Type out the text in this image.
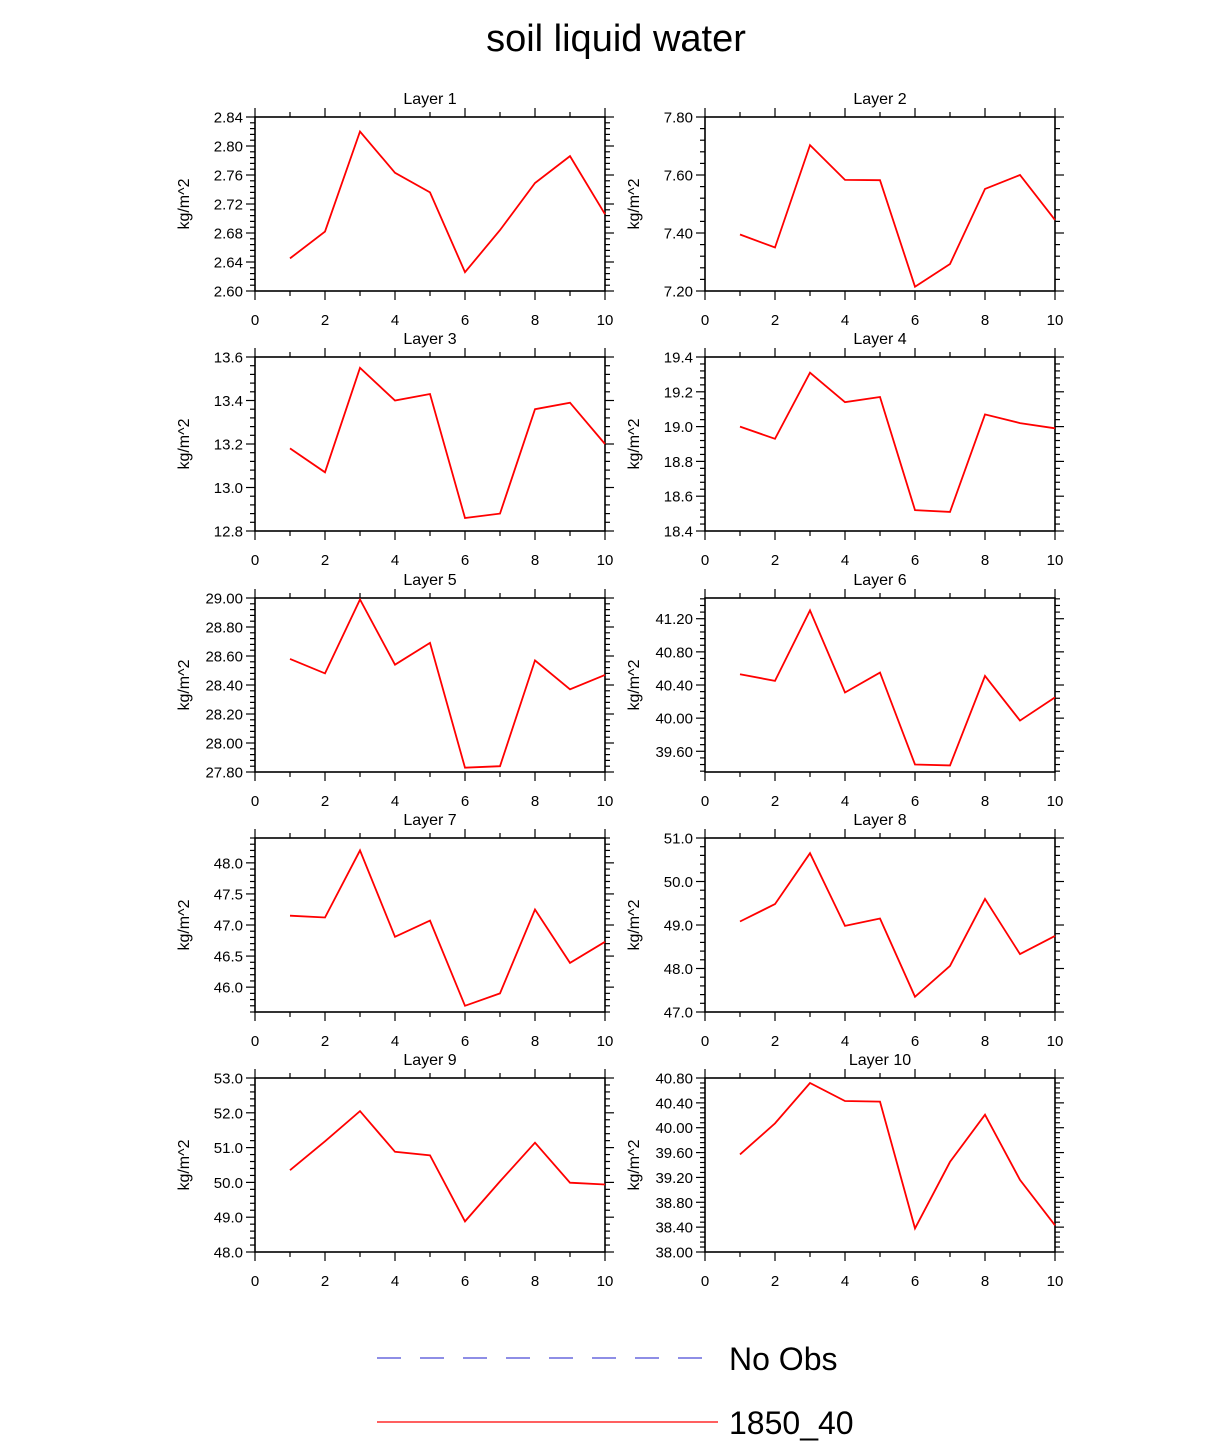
soil liquid water
Layer 1
2.60
2.64
2.68
2.72
2.76
2.80
2.84
0	2	4	6	8	10
kg/m^2
Layer 2
7.20
7.40
7.60
7.80
0	2	4	6	8	10
kg/m^2
Layer 3
12.8
13.0
13.2
13.4
13.6
0	2	4	6	8	10
kg/m^2
Layer 4
18.4
18.6
18.8
19.0
19.2
19.4
0	2	4	6	8	10
kg/m^2
Layer 5
27.80
28.00
28.20
28.40
28.60
28.80
29.00
0	2	4	6	8	10
kg/m^2
Layer 6
39.60
40.00
40.40
40.80
41.20
0	2	4	6	8	10
kg/m^2
Layer 7
46.0
46.5
47.0
47.5
48.0
0	2	4	6	8	10
kg/m^2
Layer 8
47.0
48.0
49.0
50.0
51.0
0	2	4	6	8	10
kg/m^2
Layer 9
48.0
49.0
50.0
51.0
52.0
53.0
0	2	4	6	8	10
kg/m^2
Layer 10
38.00
38.40
38.80
39.20
39.60
40.00
40.40
40.80
0	2	4	6	8	10
kg/m^2
No Obs
1850_40
